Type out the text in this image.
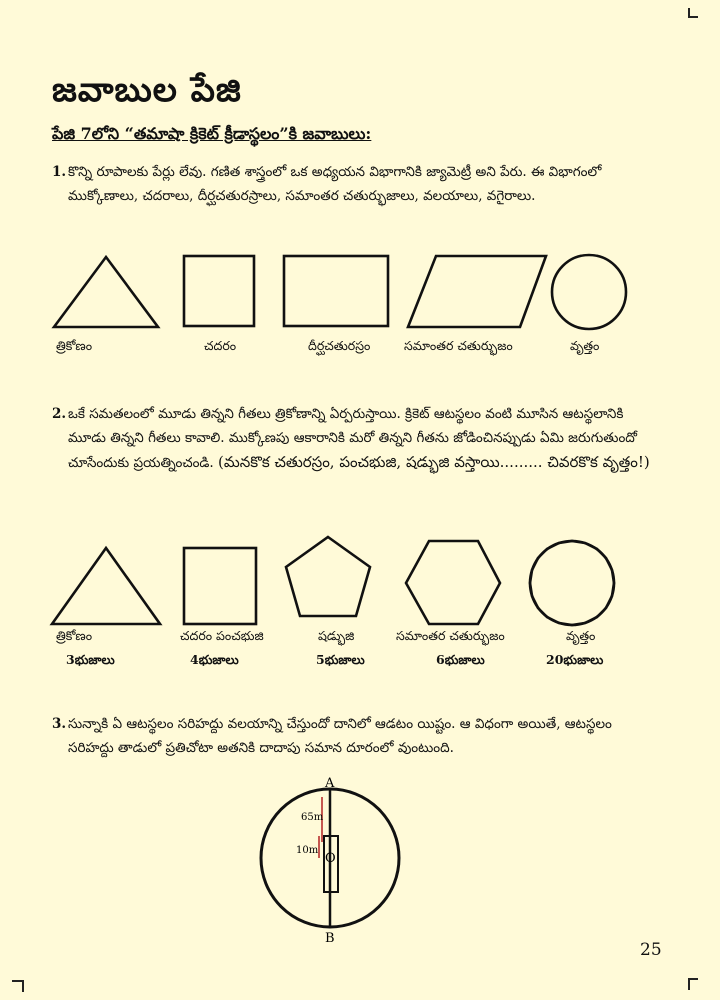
జవాబుల పేజి
పేజి 7లోని “తమాషా క్రికెట్ క్రీడాస్థలం”కి జవాబులు:
1. కొన్ని రూపాలకు పేర్లు లేవు. గణిత శాస్త్రంలో ఒక అధ్యయన విభాగానికి జ్యామెట్రీ అని పేరు. ఈ విభాగంలో
ముక్కోణాలు, చదరాలు, దీర్ఘచతురస్రాలు, సమాంతర చతుర్భుజాలు, వలయాలు, వగైరాలు.
A
B
O
65m
10m
త్రికోణం	చదరం	దీర్ఘచతురస్రం	సమాంతర చతుర్భుజం	వృత్తం
2. ఒకే సమతలంలో మూడు తిన్నని గీతలు త్రికోణాన్ని ఏర్పరుస్తాయి. క్రికెట్ ఆటస్థలం వంటి మూసిన ఆటస్థలానికి
మూడు తిన్నని గీతలు కావాలి. ముక్కోణపు ఆకారానికి మరో తిన్నని గీతను జోడించినప్పుడు ఏమి జరుగుతుందో
చూసేందుకు ప్రయత్నించండి. (మనకొక చతురస్రం, పంచభుజి, షడ్భుజి వస్తాయి......... చివరకొక వృత్తం!)
త్రికోణం	చదరం పంచభుజి	షడ్భుజి	సమాంతర చతుర్భుజం	వృత్తం
3భుజాలు	4భుజాలు	5భుజాలు	6భుజాలు	20భుజాలు
3. సున్నాకి ఏ ఆటస్థలం సరిహద్దు వలయాన్ని చేస్తుందో దానిలో ఆడటం యిష్టం. ఆ విధంగా అయితే, ఆటస్థలం
సరిహద్దు తాడులో ప్రతిచోటా అతనికి దాదాపు సమాన దూరంలో వుంటుంది.
25
